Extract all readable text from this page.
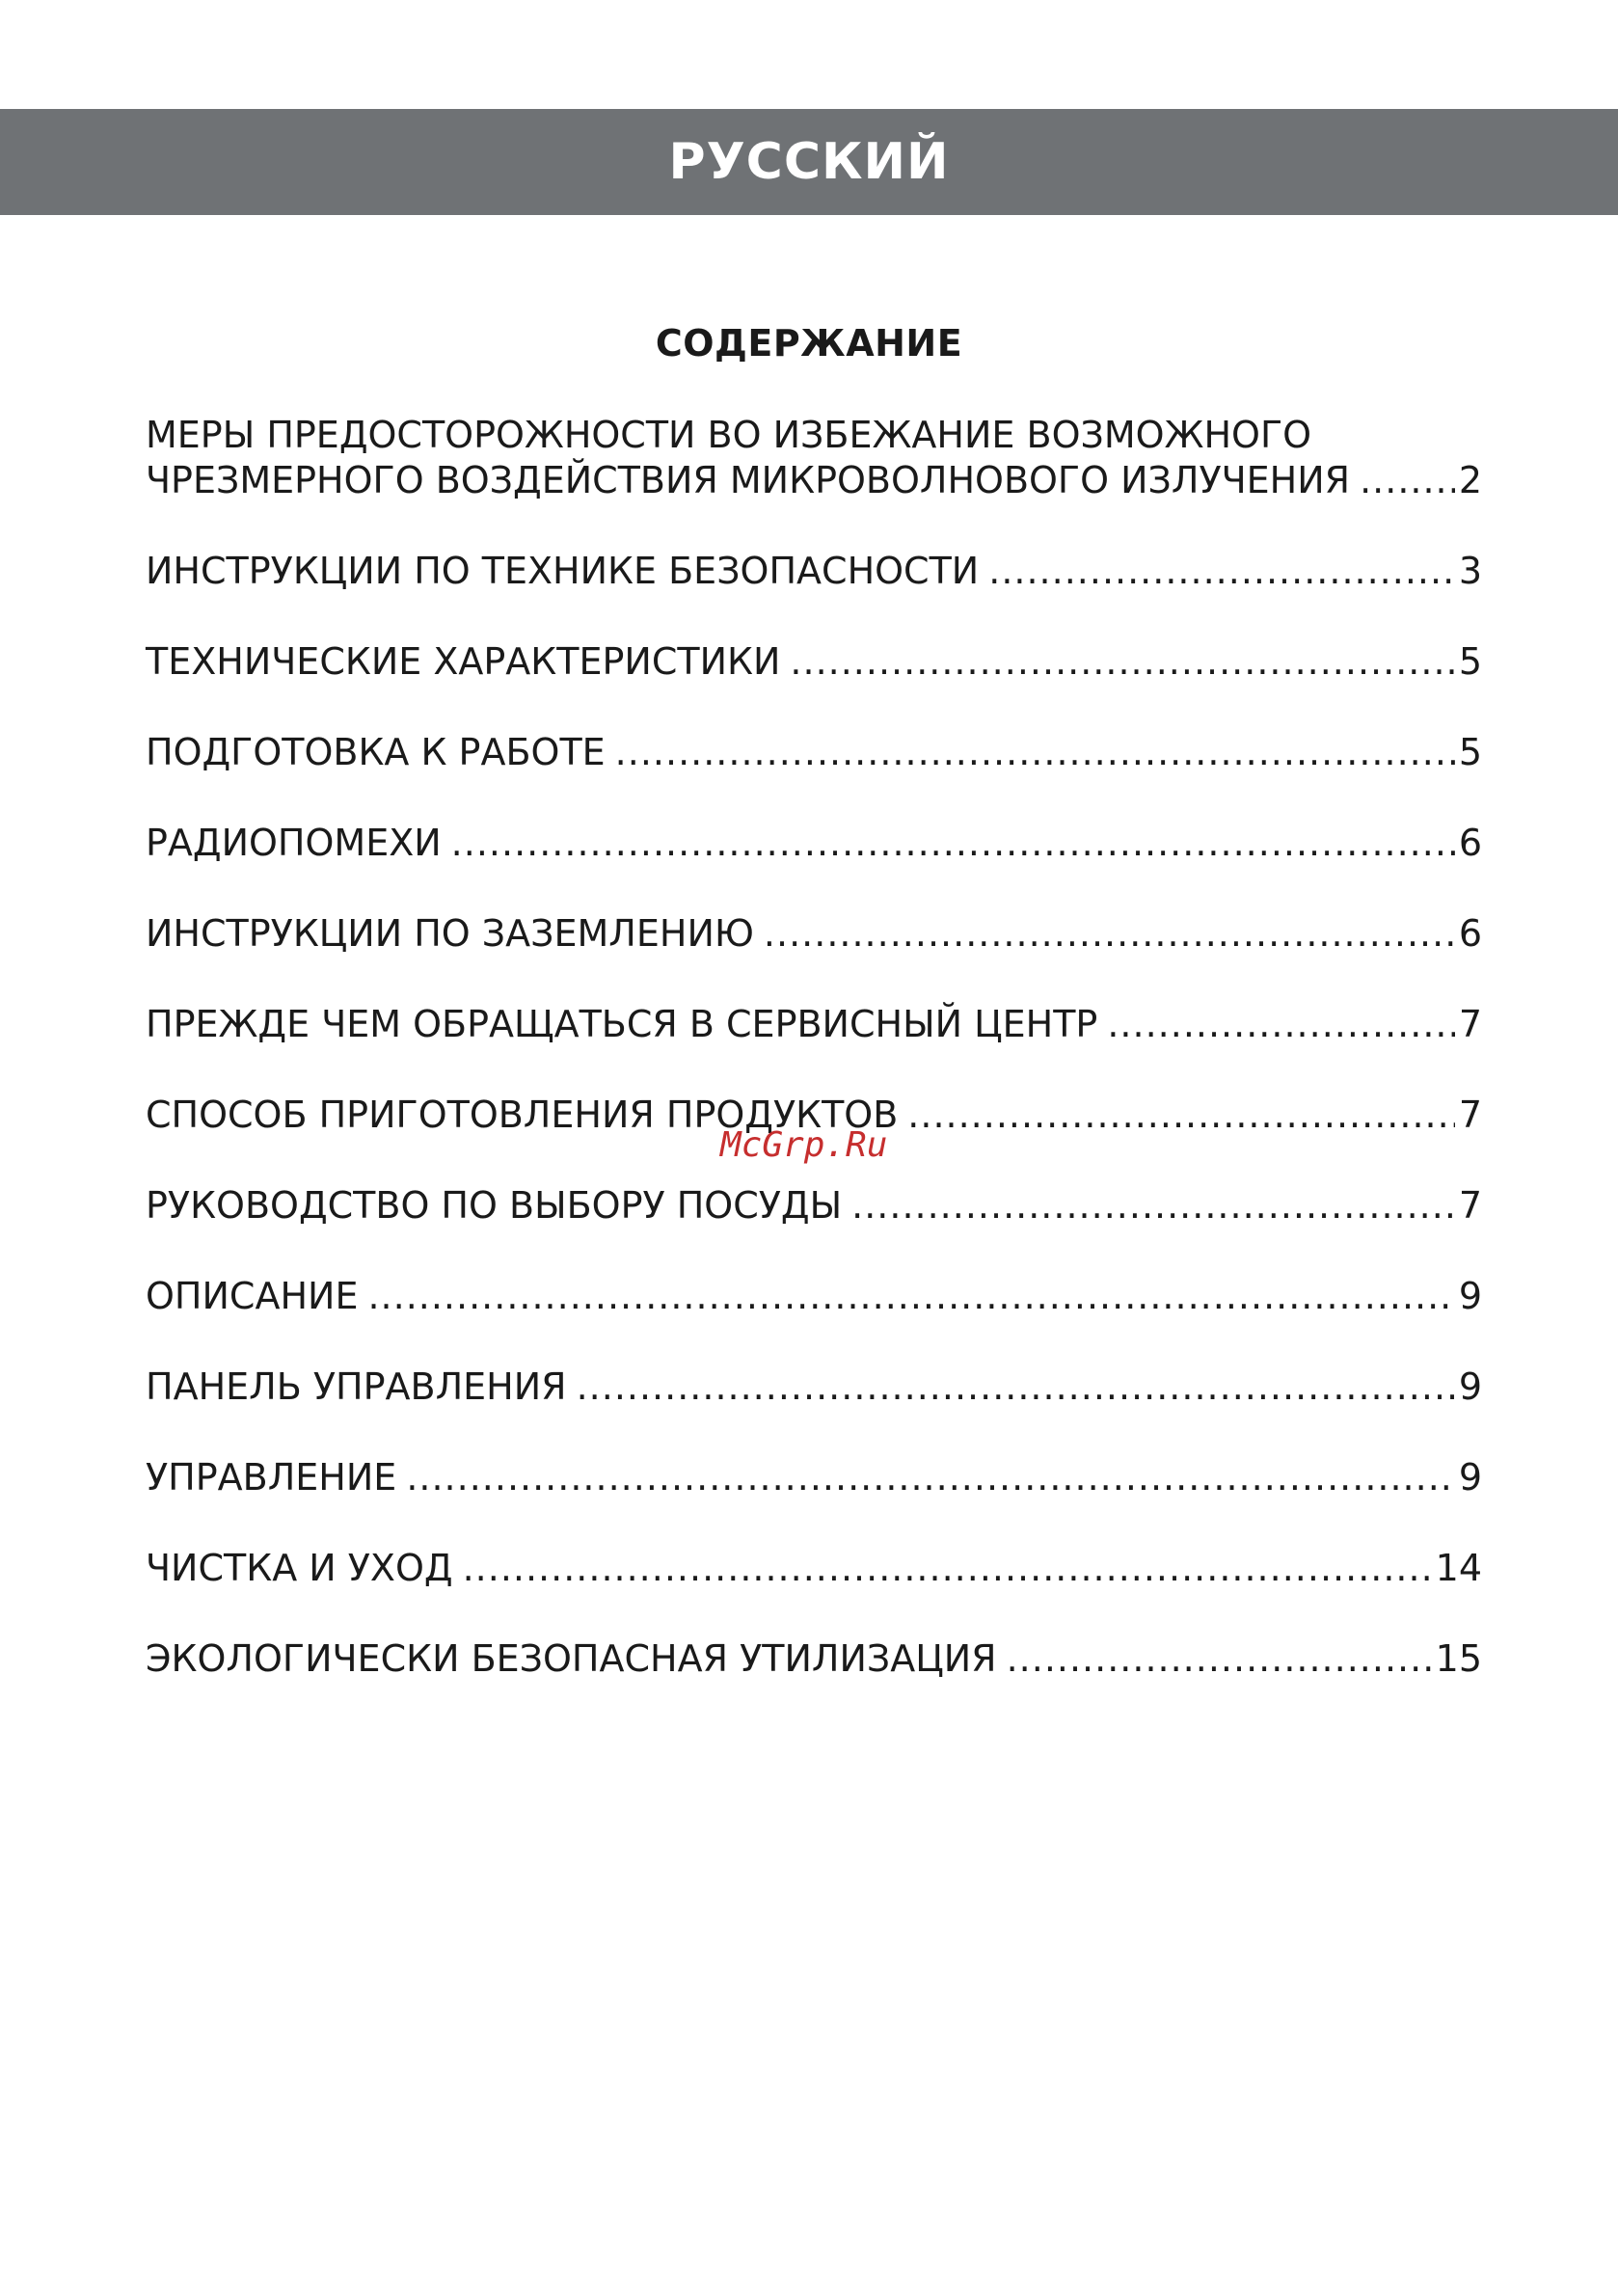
РУССКИЙ
СОДЕРЖАНИЕ
МЕРЫ ПРЕДОСТОРОЖНОСТИ ВО ИЗБЕЖАНИЕ ВОЗМОЖНОГО
ЧРЕЗМЕРНОГО ВОЗДЕЙСТВИЯ МИКРОВОЛНОВОГО ИЗЛУЧЕНИЯ .....	2
ИНСТРУКЦИИ ПО ТЕХНИКЕ БЕЗОПАСНОСТИ .....	3
ТЕХНИЧЕСКИЕ ХАРАКТЕРИСТИКИ .....	5
ПОДГОТОВКА К РАБОТЕ .....	5
РАДИОПОМЕХИ .....	6
ИНСТРУКЦИИ ПО ЗАЗЕМЛЕНИЮ .....	6
ПРЕЖДЕ ЧЕМ ОБРАЩАТЬСЯ В СЕРВИСНЫЙ ЦЕНТР .....	7
СПОСОБ ПРИГОТОВЛЕНИЯ ПРОДУКТОВ .....	7
РУКОВОДСТВО ПО ВЫБОРУ ПОСУДЫ .....	7
ОПИСАНИЕ .....	9
ПАНЕЛЬ УПРАВЛЕНИЯ .....	9
УПРАВЛЕНИЕ .....	9
ЧИСТКА И УХОД .....	14
ЭКОЛОГИЧЕСКИ БЕЗОПАСНАЯ УТИЛИЗАЦИЯ .....	15
McGrp.Ru
